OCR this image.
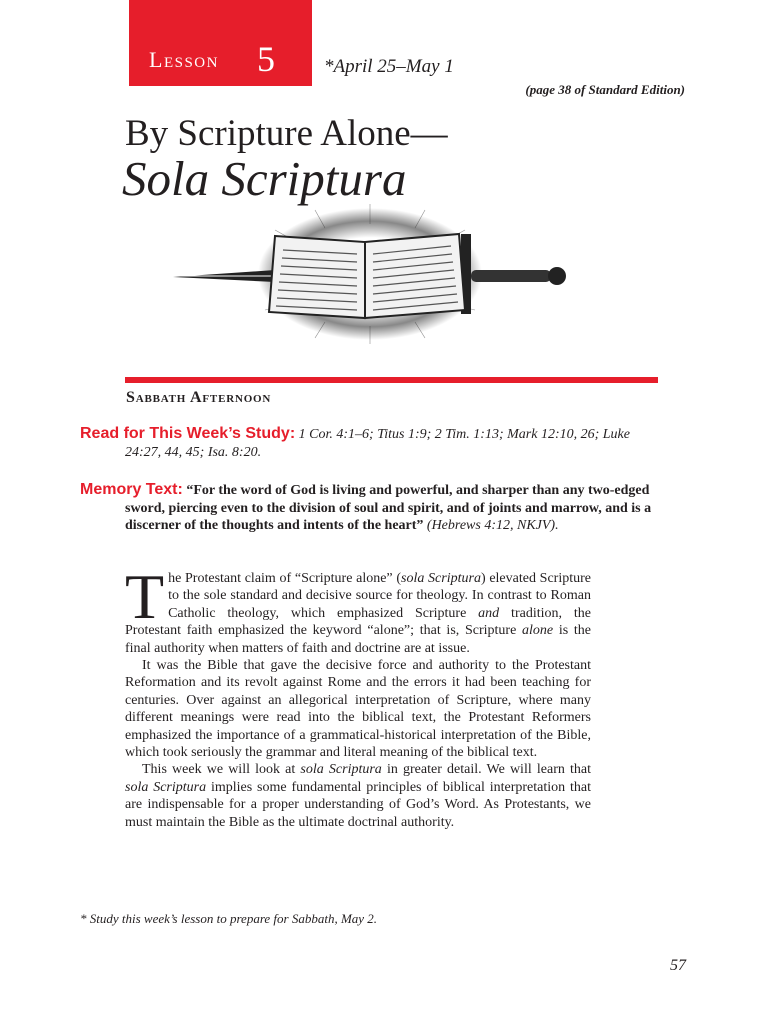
Lesson 5	*April 25–May 1
(page 38 of Standard Edition)
By Scripture Alone—
Sola Scriptura
Sabbath Afternoon
Read for This Week’s Study: 1 Cor. 4:1–6; Titus 1:9; 2 Tim. 1:13; Mark 12:10, 26; Luke 24:27, 44, 45; Isa. 8:20.
Memory Text: “For the word of God is living and powerful, and sharper than any two-edged sword, piercing even to the division of soul and spirit, and of joints and marrow, and is a discerner of the thoughts and intents of the heart” (Hebrews 4:12, NKJV).

The Protestant claim of “Scripture alone” (sola Scriptura) elevated Scripture to the sole standard and decisive source for theology. In contrast to Roman Catholic theology, which emphasized Scripture and tradition, the Protestant faith emphasized the keyword “alone”; that is, Scripture alone is the final authority when matters of faith and doctrine are at issue.

It was the Bible that gave the decisive force and authority to the Protestant Reformation and its revolt against Rome and the errors it had been teaching for centuries. Over against an allegorical interpretation of Scripture, where many different meanings were read into the biblical text, the Protestant Reformers emphasized the importance of a grammatical-historical interpretation of the Bible, which took seriously the grammar and literal meaning of the biblical text.

This week we will look at sola Scriptura in greater detail. We will learn that sola Scriptura implies some fundamental principles of biblical interpretation that are indispensable for a proper understanding of God’s Word. As Protestants, we must maintain the Bible as the ultimate doctrinal authority.

* Study this week’s lesson to prepare for Sabbath, May 2.
57
